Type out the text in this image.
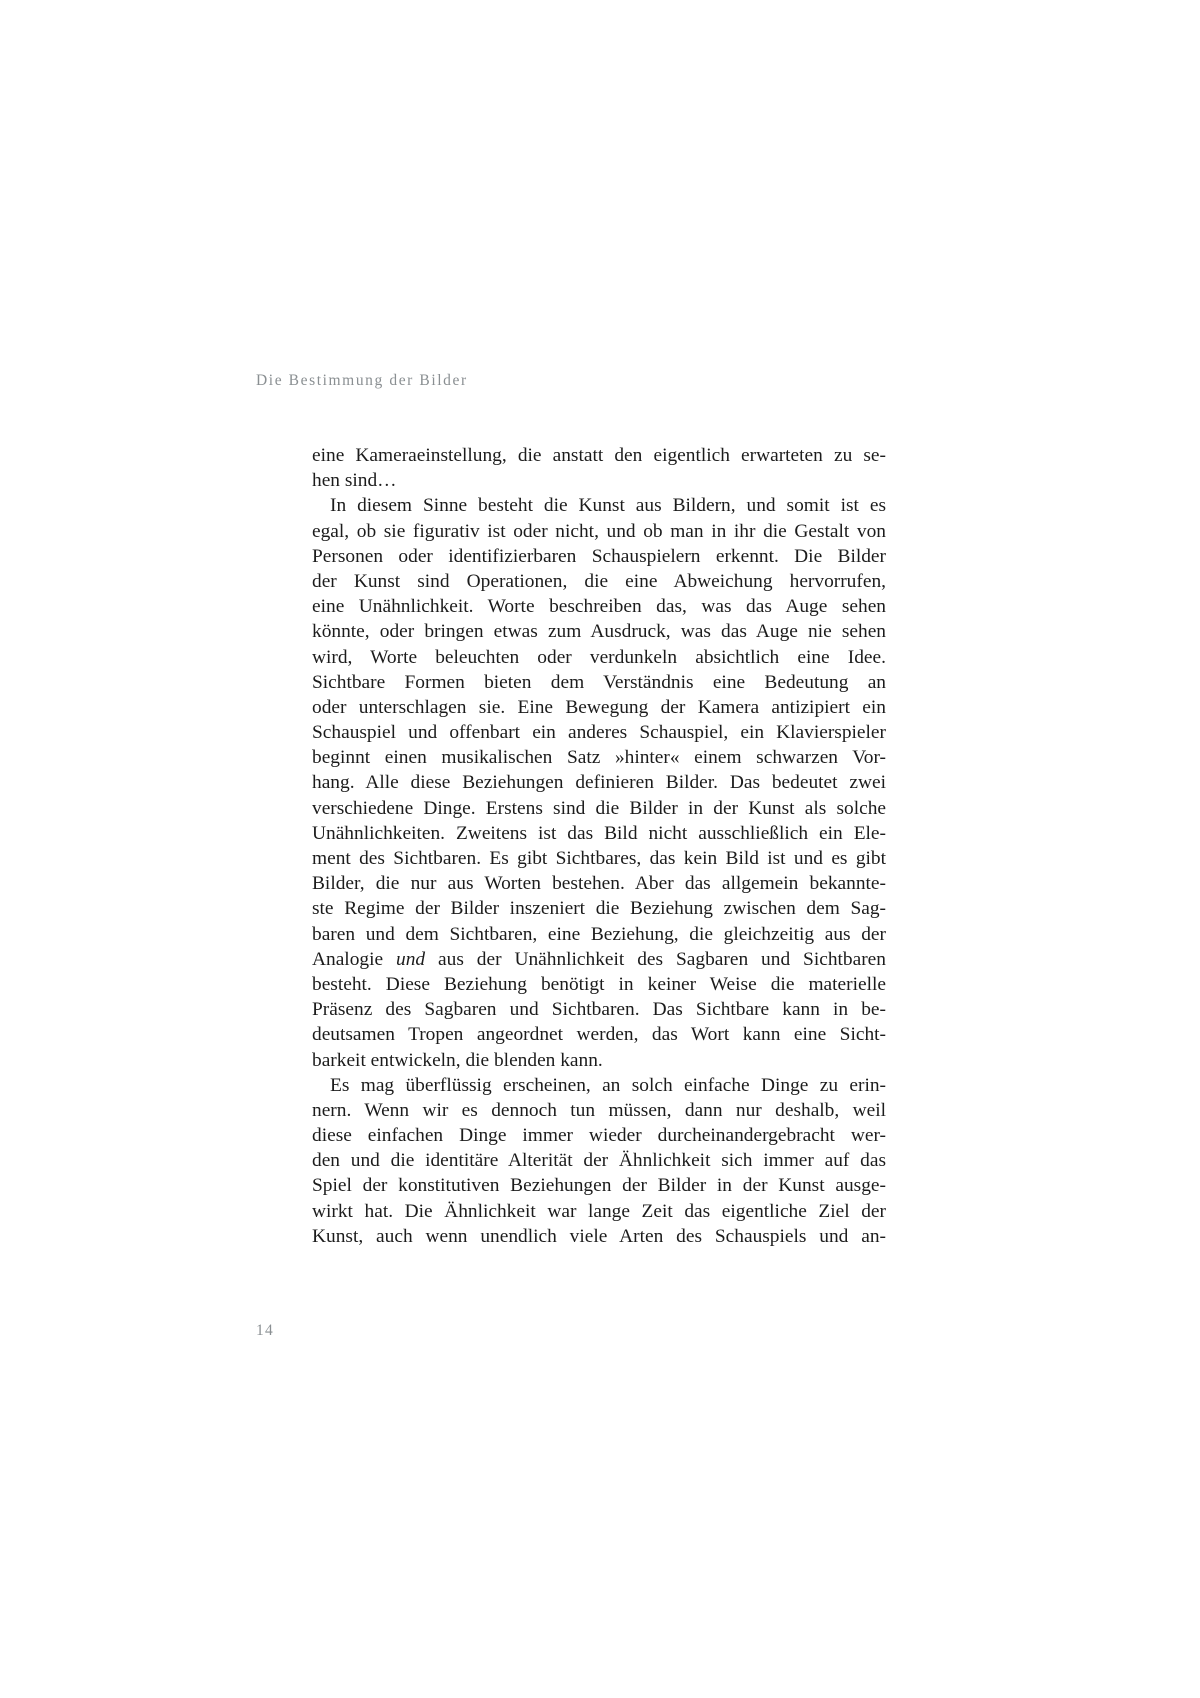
Die Bestimmung der Bilder
eine Kameraeinstellung, die anstatt den eigentlich erwarteten zu se-
hen sind…
In diesem Sinne besteht die Kunst aus Bildern, und somit ist es
egal, ob sie figurativ ist oder nicht, und ob man in ihr die Gestalt von
Personen oder identifizierbaren Schauspielern erkennt. Die Bilder
der Kunst sind Operationen, die eine Abweichung hervorrufen,
eine Unähnlichkeit. Worte beschreiben das, was das Auge sehen
könnte, oder bringen etwas zum Ausdruck, was das Auge nie sehen
wird, Worte beleuchten oder verdunkeln absichtlich eine Idee.
Sichtbare Formen bieten dem Verständnis eine Bedeutung an
oder unterschlagen sie. Eine Bewegung der Kamera antizipiert ein
Schauspiel und offenbart ein anderes Schauspiel, ein Klavierspieler
beginnt einen musikalischen Satz »hinter« einem schwarzen Vor-
hang. Alle diese Beziehungen definieren Bilder. Das bedeutet zwei
verschiedene Dinge. Erstens sind die Bilder in der Kunst als solche
Unähnlichkeiten. Zweitens ist das Bild nicht ausschließlich ein Ele-
ment des Sichtbaren. Es gibt Sichtbares, das kein Bild ist und es gibt
Bilder, die nur aus Worten bestehen. Aber das allgemein bekannte-
ste Regime der Bilder inszeniert die Beziehung zwischen dem Sag-
baren und dem Sichtbaren, eine Beziehung, die gleichzeitig aus der
Analogie und aus der Unähnlichkeit des Sagbaren und Sichtbaren
besteht. Diese Beziehung benötigt in keiner Weise die materielle
Präsenz des Sagbaren und Sichtbaren. Das Sichtbare kann in be-
deutsamen Tropen angeordnet werden, das Wort kann eine Sicht-
barkeit entwickeln, die blenden kann.
Es mag überflüssig erscheinen, an solch einfache Dinge zu erin-
nern. Wenn wir es dennoch tun müssen, dann nur deshalb, weil
diese einfachen Dinge immer wieder durcheinandergebracht wer-
den und die identitäre Alterität der Ähnlichkeit sich immer auf das
Spiel der konstitutiven Beziehungen der Bilder in der Kunst ausge-
wirkt hat. Die Ähnlichkeit war lange Zeit das eigentliche Ziel der
Kunst, auch wenn unendlich viele Arten des Schauspiels und an-
14
